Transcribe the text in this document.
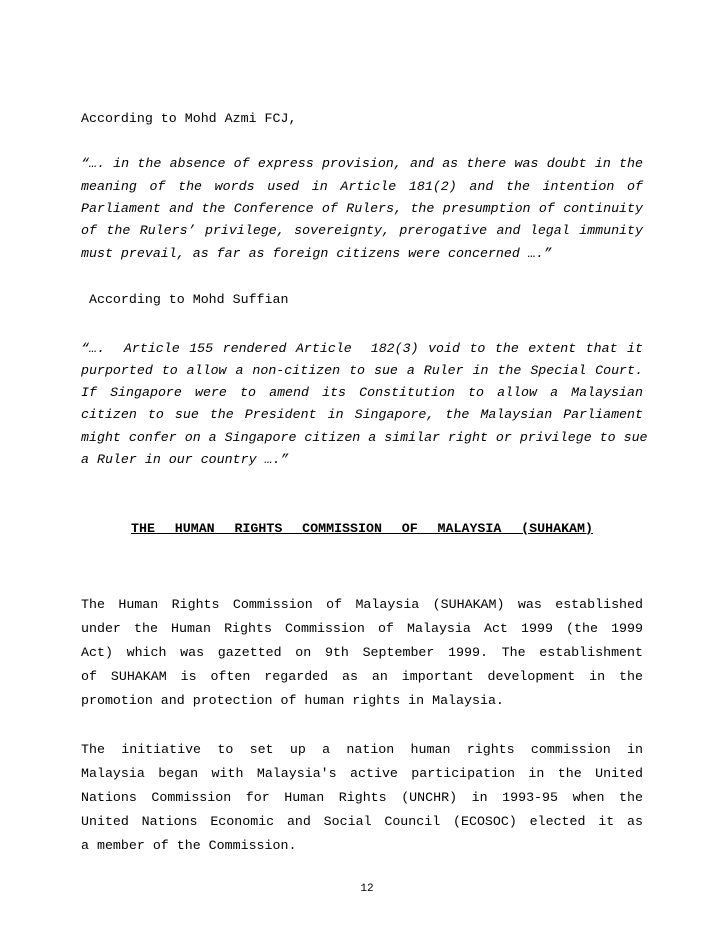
According to Mohd Azmi FCJ,
“…. in the absence of express provision, and as there was doubt in the
meaning of the words used in Article 181(2) and the intention of
Parliament and the Conference of Rulers, the presumption of continuity
of the Rulers’ privilege, sovereignty, prerogative and legal immunity
must prevail, as far as foreign citizens were concerned ….”
According to Mohd Suffian
“….  Article 155 rendered Article  182(3) void to the extent that it
purported to allow a non-citizen to sue a Ruler in the Special Court.
If Singapore were to amend its Constitution to allow a Malaysian
citizen to sue the President in Singapore, the Malaysian Parliament
might confer on a Singapore citizen a similar right or privilege to sue
a Ruler in our country ….”
THE HUMAN RIGHTS COMMISSION OF MALAYSIA (SUHAKAM)
The Human Rights Commission of Malaysia (SUHAKAM) was established
under the Human Rights Commission of Malaysia Act 1999 (the 1999
Act) which was gazetted on 9th September 1999. The establishment
of SUHAKAM is often regarded as an important development in the
promotion and protection of human rights in Malaysia.
The initiative to set up a nation human rights commission in
Malaysia began with Malaysia's active participation in the United
Nations Commission for Human Rights (UNCHR) in 1993-95 when the
United Nations Economic and Social Council (ECOSOC) elected it as
a member of the Commission.
12
